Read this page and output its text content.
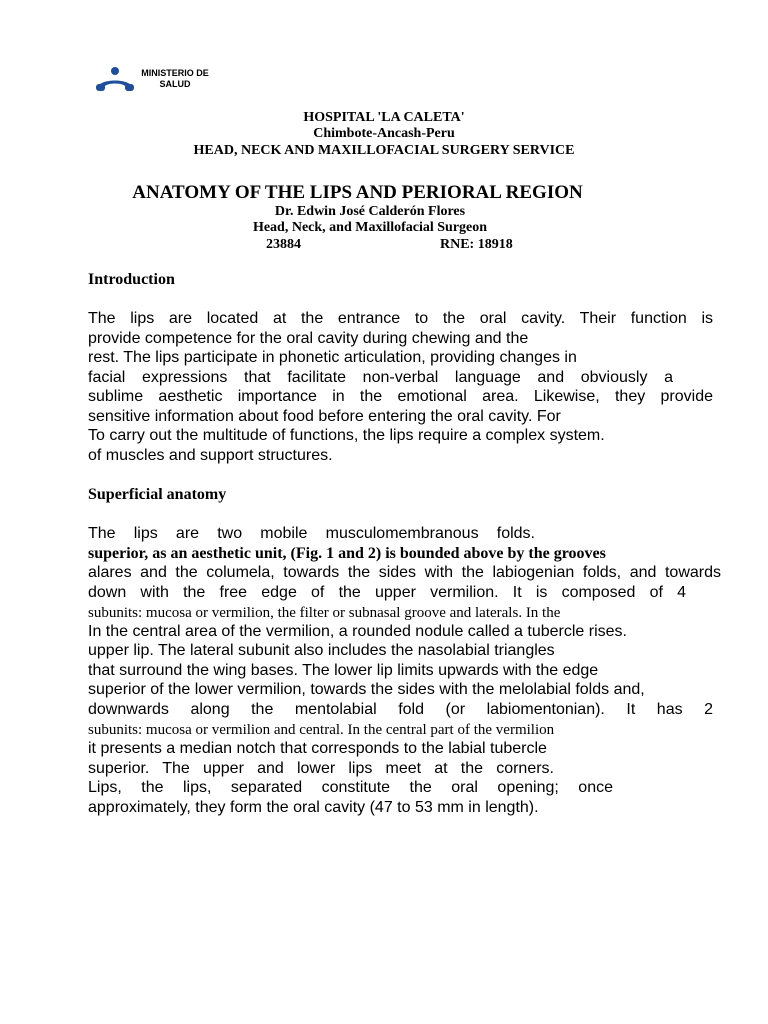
MINISTERIO DE
SALUD
HOSPITAL 'LA CALETA'
Chimbote-Ancash-Peru
HEAD, NECK AND MAXILLOFACIAL SURGERY SERVICE
ANATOMY OF THE LIPS AND PERIORAL REGION
Dr. Edwin José Calderón Flores
Head, Neck, and Maxillofacial Surgeon
23884	RNE: 18918
Introduction
The lips are located at the entrance to the oral cavity. Their function is
provide competence for the oral cavity during chewing and the
rest. The lips participate in phonetic articulation, providing changes in
facial expressions that facilitate non-verbal language and obviously a
sublime aesthetic importance in the emotional area. Likewise, they provide
sensitive information about food before entering the oral cavity. For
To carry out the multitude of functions, the lips require a complex system.
of muscles and support structures.
Superficial anatomy
The lips are two mobile musculomembranous folds.
superior, as an aesthetic unit, (Fig. 1 and 2) is bounded above by the grooves
alares and the columela, towards the sides with the labiogenian folds, and towards
down with the free edge of the upper vermilion. It is composed of 4
subunits: mucosa or vermilion, the filter or subnasal groove and laterals. In the
In the central area of the vermilion, a rounded nodule called a tubercle rises.
upper lip. The lateral subunit also includes the nasolabial triangles
that surround the wing bases. The lower lip limits upwards with the edge
superior of the lower vermilion, towards the sides with the melolabial folds and,
downwards along the mentolabial fold (or labiomentonian). It has 2
subunits: mucosa or vermilion and central. In the central part of the vermilion
it presents a median notch that corresponds to the labial tubercle
superior. The upper and lower lips meet at the corners.
Lips, the lips, separated constitute the oral opening; once
approximately, they form the oral cavity (47 to 53 mm in length).
